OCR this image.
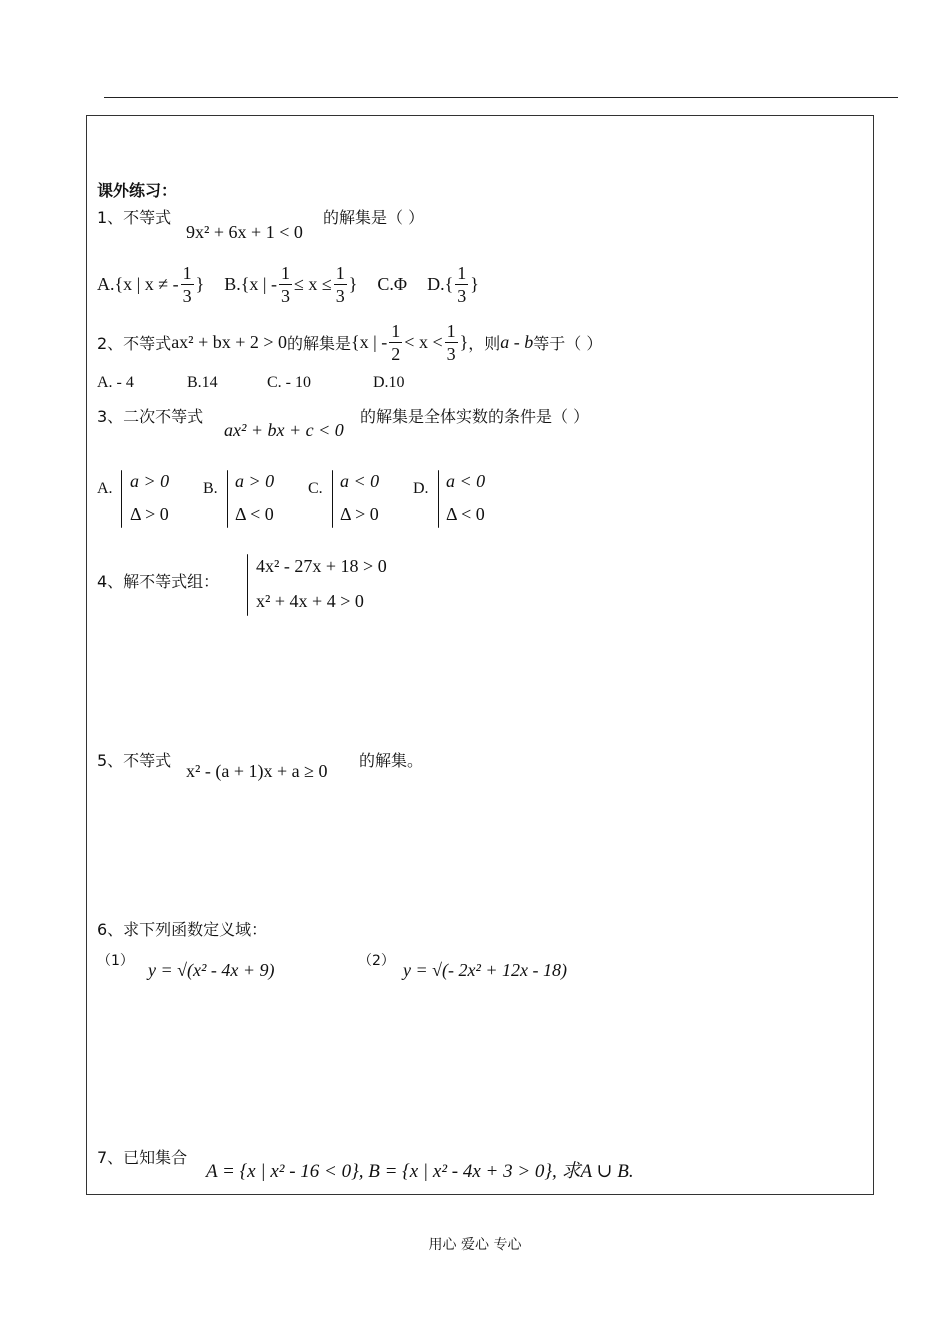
课外练习：
1、不等式
9x² + 6x + 1 < 0
的解集是（ ）
A.{x | x ≠ - $\frac{1}{3}$ } B.{x | - $\frac{1}{3} \le x \le \frac{1}{3}$ } C.Φ $D.\{ \frac{1}{3}$ }
2、不等式 ax² + bx + 2 > 0 的解集是 {x | - $\frac{1}{2} < x < \frac{1}{3}$ } ，则 a - b 等于（ ）
A. - 4	B.14	C. - 10	D.10
3、二次不等式
ax² + bx + c < 0
的解集是全体实数的条件是（ ）
A. a > 0
Δ > 0
B. a > 0
Δ < 0
C. a < 0
Δ > 0
D. a < 0
Δ < 0
4、解不等式组：
4x² - 27x + 18 > 0
x² + 4x + 4 > 0
5、不等式
x² - (a + 1)x + a ≥ 0
的解集。
6、求下列函数定义域：
（1） y = √(x² - 4x + 9)	（2） y = √(- 2x² + 12x - 18)
7、已知集合
A = {x | x² - 16 < 0}, B = {x | x² - 4x + 3 > 0}, 求A ∪ B.
用心 爱心 专心
